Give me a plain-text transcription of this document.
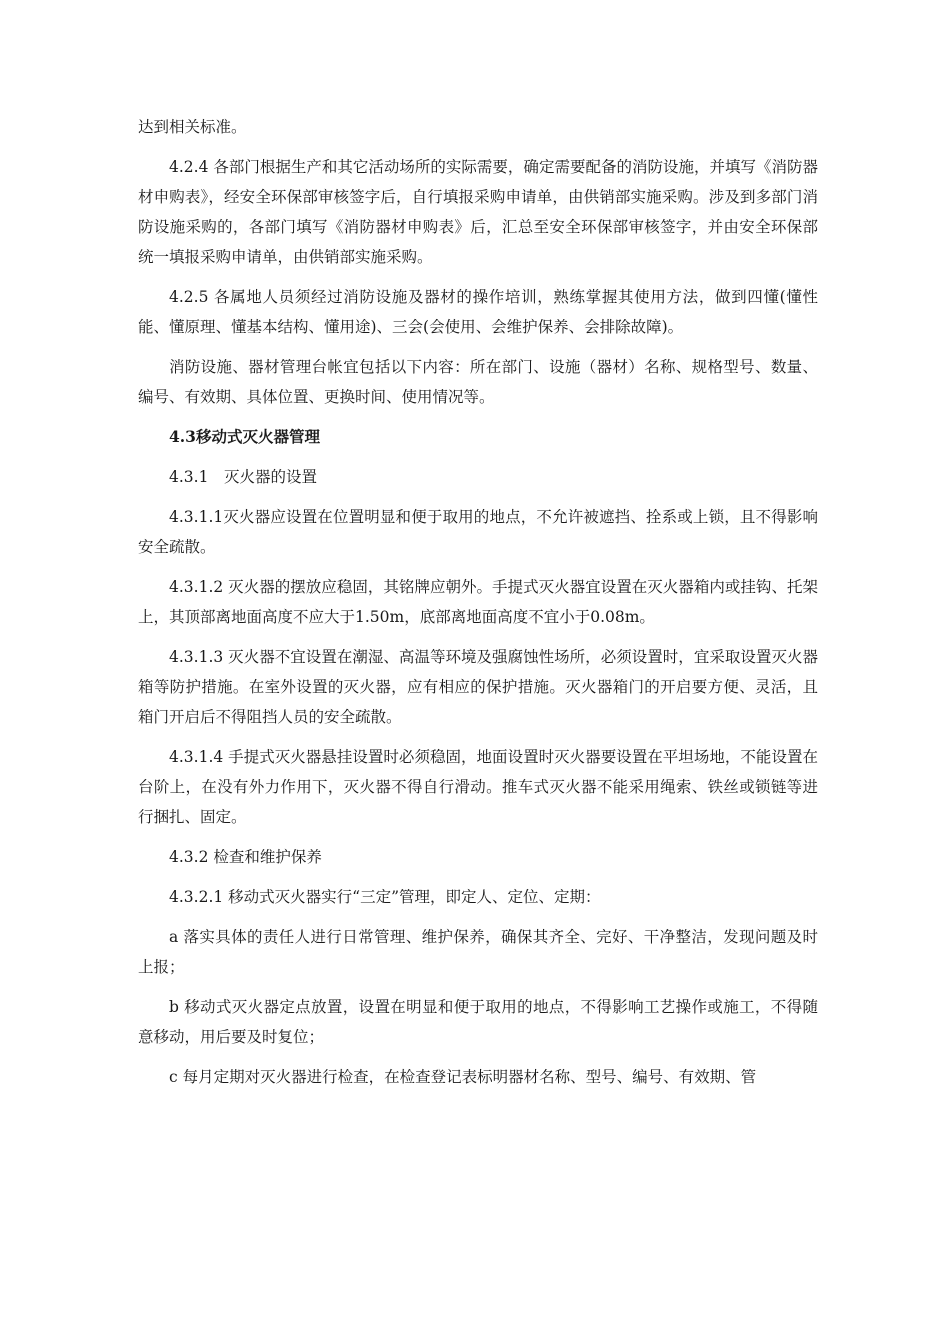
达到相关标准。

4.2.4 各部门根据生产和其它活动场所的实际需要，确定需要配备的消防设施，并填写《消防器材申购表》，经安全环保部审核签字后，自行填报采购申请单，由供销部实施采购。涉及到多部门消防设施采购的，各部门填写《消防器材申购表》后，汇总至安全环保部审核签字，并由安全环保部统一填报采购申请单，由供销部实施采购。

4.2.5 各属地人员须经过消防设施及器材的操作培训，熟练掌握其使用方法，做到四懂(懂性能、懂原理、懂基本结构、懂用途)、三会(会使用、会维护保养、会排除故障)。

消防设施、器材管理台帐宜包括以下内容：所在部门、设施（器材）名称、规格型号、数量、编号、有效期、具体位置、更换时间、使用情况等。

4.3移动式灭火器管理

4.3.1　灭火器的设置

4.3.1.1灭火器应设置在位置明显和便于取用的地点，不允许被遮挡、拴系或上锁，且不得影响安全疏散。

4.3.1.2 灭火器的摆放应稳固，其铭牌应朝外。手提式灭火器宜设置在灭火器箱内或挂钩、托架上，其顶部离地面高度不应大于1.50m，底部离地面高度不宜小于0.08m。

4.3.1.3 灭火器不宜设置在潮湿、高温等环境及强腐蚀性场所，必须设置时，宜采取设置灭火器箱等防护措施。在室外设置的灭火器，应有相应的保护措施。灭火器箱门的开启要方便、灵活，且箱门开启后不得阻挡人员的安全疏散。

4.3.1.4 手提式灭火器悬挂设置时必须稳固，地面设置时灭火器要设置在平坦场地，不能设置在台阶上，在没有外力作用下，灭火器不得自行滑动。推车式灭火器不能采用绳索、铁丝或锁链等进行捆扎、固定。

4.3.2 检查和维护保养

4.3.2.1 移动式灭火器实行“三定”管理，即定人、定位、定期：

a 落实具体的责任人进行日常管理、维护保养，确保其齐全、完好、干净整洁，发现问题及时上报；

b 移动式灭火器定点放置，设置在明显和便于取用的地点，不得影响工艺操作或施工，不得随意移动，用后要及时复位；

c 每月定期对灭火器进行检查，在检查登记表标明器材名称、型号、编号、有效期、管
